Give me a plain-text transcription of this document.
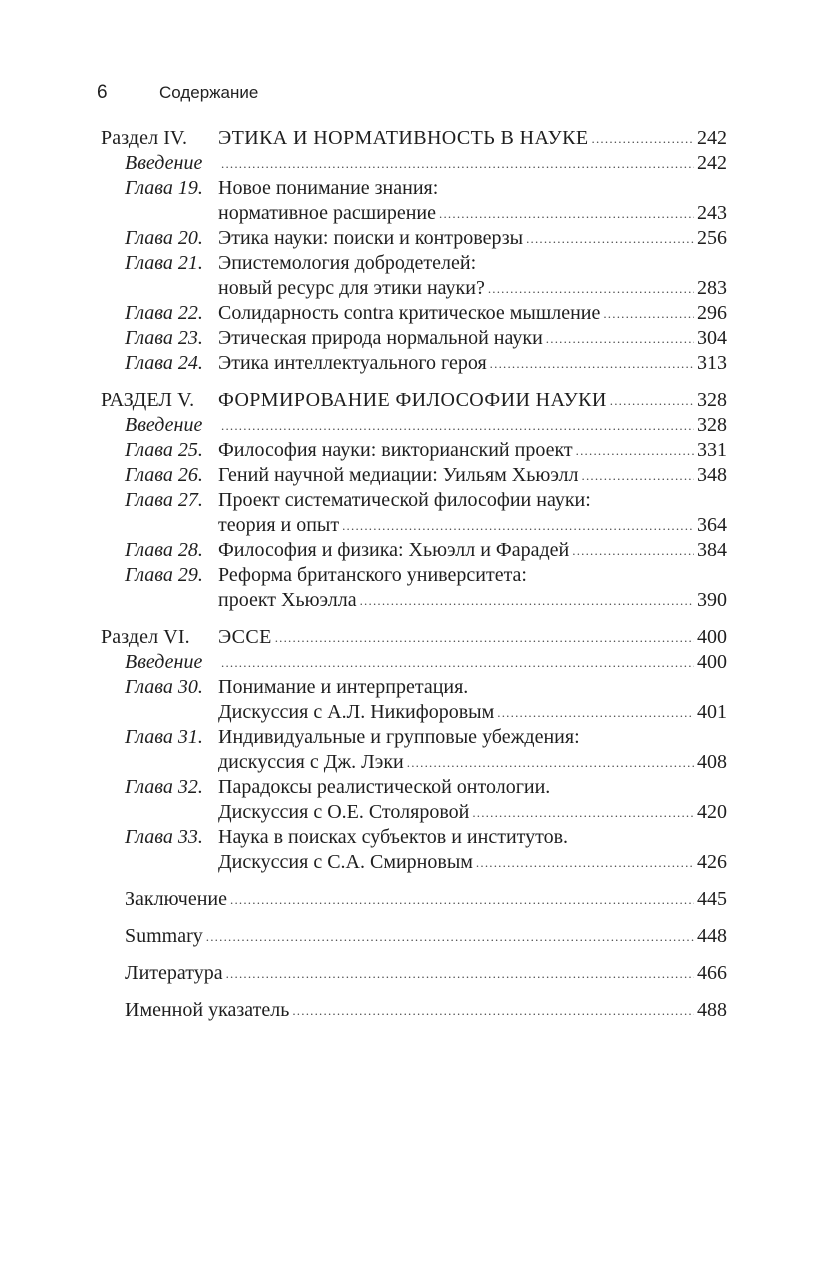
6	Содержание
Раздел IV.	ЭТИКА И НОРМАТИВНОСТЬ В НАУКЕ .....	242
Введение .....	242
Глава 19. Новое понимание знания:
нормативное расширение .....	243
Глава 20. Этика науки: поиски и контроверзы .....	256
Глава 21. Эпистемология добродетелей:
новый ресурс для этики науки? .....	283
Глава 22. Солидарность contra критическое мышление .....	296
Глава 23. Этическая природа нормальной науки .....	304
Глава 24. Этика интеллектуального героя .....	313
РАЗДЕЛ V.	ФОРМИРОВАНИЕ ФИЛОСОФИИ НАУКИ .....	328
Введение .....	328
Глава 25. Философия науки: викторианский проект .....	331
Глава 26. Гений научной медиации: Уильям Хьюэлл .....	348
Глава 27. Проект систематической философии науки:
теория и опыт .....	364
Глава 28. Философия и физика: Хьюэлл и Фарадей .....	384
Глава 29. Реформа британского университета:
проект Хьюэлла .....	390
Раздел VI.	ЭССЕ .....	400
Введение .....	400
Глава 30. Понимание и интерпретация.
Дискуссия с А.Л. Никифоровым .....	401
Глава 31. Индивидуальные и групповые убеждения:
дискуссия с Дж. Лэки .....	408
Глава 32. Парадоксы реалистической онтологии.
Дискуссия с О.Е. Столяровой .....	420
Глава 33. Наука в поисках субъектов и институтов.
Дискуссия с С.А. Смирновым .....	426
Заключение .....	445
Summary .....	448
Литература .....	466
Именной указатель .....	488
